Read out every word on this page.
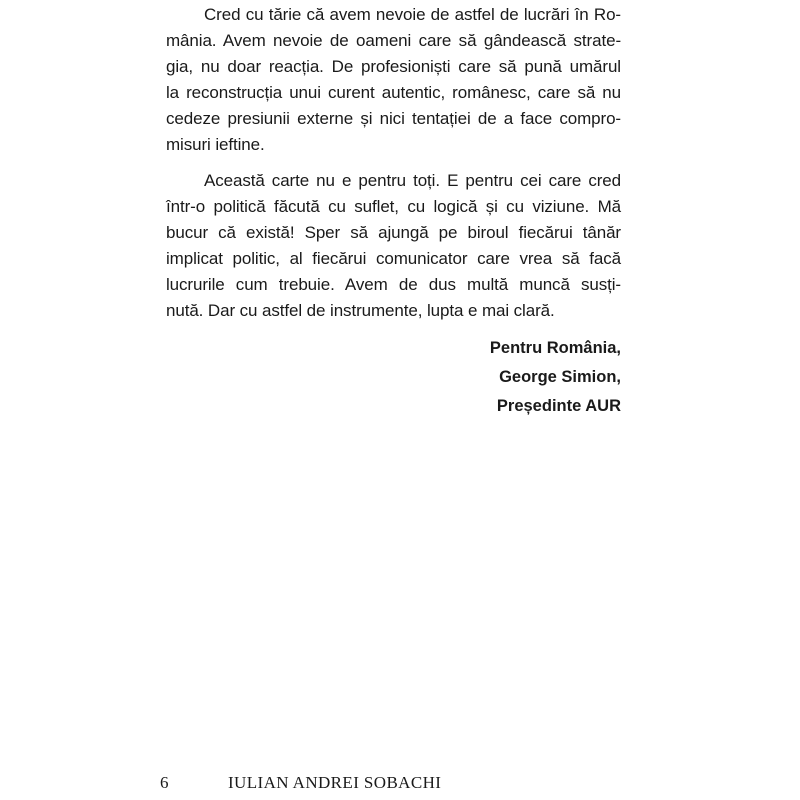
Cred cu tărie că avem nevoie de astfel de lucrări în Ro-
mânia. Avem nevoie de oameni care să gândească strate-
gia, nu doar reacția. De profesioniști care să pună umărul
la reconstrucția unui curent autentic, românesc, care să nu
cedeze presiunii externe și nici tentației de a face compro-
misuri ieftine.
Această carte nu e pentru toți. E pentru cei care cred
într-o politică făcută cu suflet, cu logică și cu viziune. Mă
bucur că există! Sper să ajungă pe biroul fiecărui tânăr
implicat politic, al fiecărui comunicator care vrea să facă
lucrurile cum trebuie. Avem de dus multă muncă susți-
nută. Dar cu astfel de instrumente, lupta e mai clară.
Pentru România,
George Simion,
Președinte AUR
6	IULIAN ANDREI SOBACHI
